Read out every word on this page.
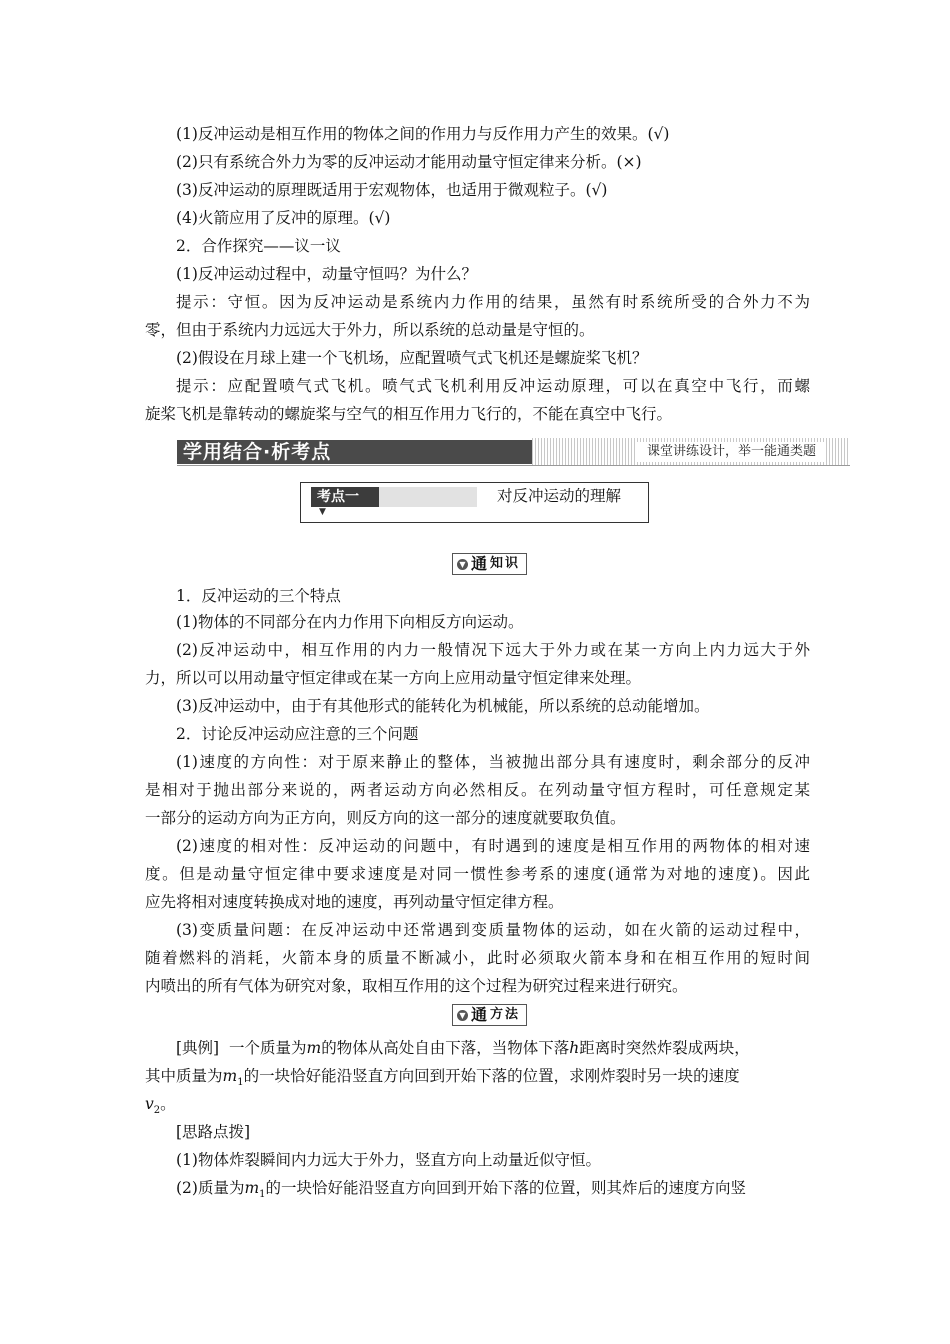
(1)反冲运动是相互作用的物体之间的作用力与反作用力产生的效果。(√)
(2)只有系统合外力为零的反冲运动才能用动量守恒定律来分析。(×)
(3)反冲运动的原理既适用于宏观物体，也适用于微观粒子。(√)
(4)火箭应用了反冲的原理。(√)
2．合作探究——议一议
(1)反冲运动过程中，动量守恒吗？为什么？
提示：守恒。因为反冲运动是系统内力作用的结果，虽然有时系统所受的合外力不为
零，但由于系统内力远远大于外力，所以系统的总动量是守恒的。
(2)假设在月球上建一个飞机场，应配置喷气式飞机还是螺旋桨飞机？
提示：应配置喷气式飞机。喷气式飞机利用反冲运动原理，可以在真空中飞行，而螺
旋桨飞机是靠转动的螺旋桨与空气的相互作用力飞行的，不能在真空中飞行。
学用结合·析考点	课堂讲练设计，举一能通类题
考点一
▼
对反冲运动的理解
▼ 通 知识
1．反冲运动的三个特点
(1)物体的不同部分在内力作用下向相反方向运动。
(2)反冲运动中，相互作用的内力一般情况下远大于外力或在某一方向上内力远大于外
力，所以可以用动量守恒定律或在某一方向上应用动量守恒定律来处理。
(3)反冲运动中，由于有其他形式的能转化为机械能，所以系统的总动能增加。
2．讨论反冲运动应注意的三个问题
(1)速度的方向性：对于原来静止的整体，当被抛出部分具有速度时，剩余部分的反冲
是相对于抛出部分来说的，两者运动方向必然相反。在列动量守恒方程时，可任意规定某
一部分的运动方向为正方向，则反方向的这一部分的速度就要取负值。
(2)速度的相对性：反冲运动的问题中，有时遇到的速度是相互作用的两物体的相对速
度。但是动量守恒定律中要求速度是对同一惯性参考系的速度(通常为对地的速度)。因此
应先将相对速度转换成对地的速度，再列动量守恒定律方程。
(3)变质量问题：在反冲运动中还常遇到变质量物体的运动，如在火箭的运动过程中，
随着燃料的消耗，火箭本身的质量不断减小，此时必须取火箭本身和在相互作用的短时间
内喷出的所有气体为研究对象，取相互作用的这个过程为研究过程来进行研究。
▼ 通 方法
[典例] 一个质量为m的物体从高处自由下落，当物体下落h距离时突然炸裂成两块，
其中质量为$m_1$的一块恰好能沿竖直方向回到开始下落的位置，求刚炸裂时另一块的速度
$v_2$。
[思路点拨]
(1)物体炸裂瞬间内力远大于外力，竖直方向上动量近似守恒。
(2)质量为$m_1$的一块恰好能沿竖直方向回到开始下落的位置，则其炸后的速度方向竖
